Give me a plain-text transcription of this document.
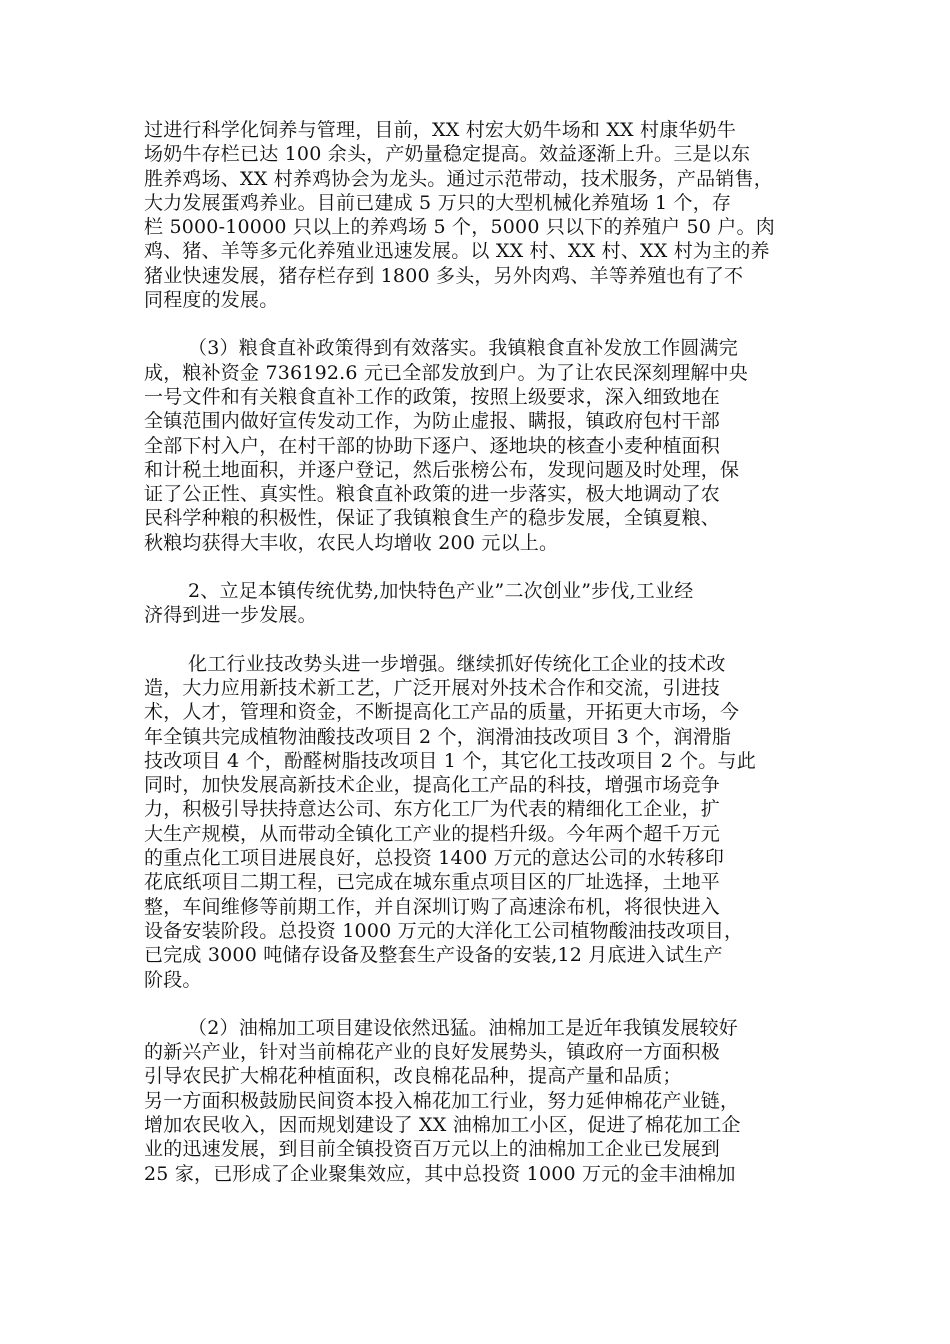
过进行科学化饲养与管理，目前，XX 村宏大奶牛场和 XX 村康华奶牛
场奶牛存栏已达 100 余头，产奶量稳定提高。效益逐渐上升。三是以东
胜养鸡场、XX 村养鸡协会为龙头。通过示范带动，技术服务，产品销售，
大力发展蛋鸡养业。目前已建成 5 万只的大型机械化养殖场 1 个，存
栏 5000-10000 只以上的养鸡场 5 个，5000 只以下的养殖户 50 户。肉
鸡、猪、羊等多元化养殖业迅速发展。以 XX 村、XX 村、XX 村为主的养
猪业快速发展，猪存栏存到 1800 多头，另外肉鸡、羊等养殖也有了不
同程度的发展。
（3）粮食直补政策得到有效落实。我镇粮食直补发放工作圆满完
成，粮补资金 736192.6 元已全部发放到户。为了让农民深刻理解中央
一号文件和有关粮食直补工作的政策，按照上级要求，深入细致地在
全镇范围内做好宣传发动工作，为防止虚报、瞒报，镇政府包村干部
全部下村入户，在村干部的协助下逐户、逐地块的核查小麦种植面积
和计税土地面积，并逐户登记，然后张榜公布，发现问题及时处理，保
证了公正性、真实性。粮食直补政策的进一步落实，极大地调动了农
民科学种粮的积极性，保证了我镇粮食生产的稳步发展，全镇夏粮、
秋粮均获得大丰收，农民人均增收 200 元以上。
2、立足本镇传统优势,加快特色产业”二次创业”步伐,工业经
济得到进一步发展。
化工行业技改势头进一步增强。继续抓好传统化工企业的技术改
造，大力应用新技术新工艺，广泛开展对外技术合作和交流，引进技
术，人才，管理和资金，不断提高化工产品的质量，开拓更大市场，今
年全镇共完成植物油酸技改项目 2 个，润滑油技改项目 3 个，润滑脂
技改项目 4 个，酚醛树脂技改项目 1 个，其它化工技改项目 2 个。与此
同时，加快发展高新技术企业，提高化工产品的科技，增强市场竞争
力，积极引导扶持意达公司、东方化工厂为代表的精细化工企业，扩
大生产规模，从而带动全镇化工产业的提档升级。今年两个超千万元
的重点化工项目进展良好，总投资 1400 万元的意达公司的水转移印
花底纸项目二期工程，已完成在城东重点项目区的厂址选择，土地平
整，车间维修等前期工作，并自深圳订购了高速涂布机，将很快进入
设备安装阶段。总投资 1000 万元的大洋化工公司植物酸油技改项目，
已完成 3000 吨储存设备及整套生产设备的安装,12 月底进入试生产
阶段。
（2）油棉加工项目建设依然迅猛。油棉加工是近年我镇发展较好
的新兴产业，针对当前棉花产业的良好发展势头，镇政府一方面积极
引导农民扩大棉花种植面积，改良棉花品种，提高产量和品质；
另一方面积极鼓励民间资本投入棉花加工行业，努力延伸棉花产业链，
增加农民收入，因而规划建设了 XX 油棉加工小区，促进了棉花加工企
业的迅速发展，到目前全镇投资百万元以上的油棉加工企业已发展到
25 家，已形成了企业聚集效应，其中总投资 1000 万元的金丰油棉加
